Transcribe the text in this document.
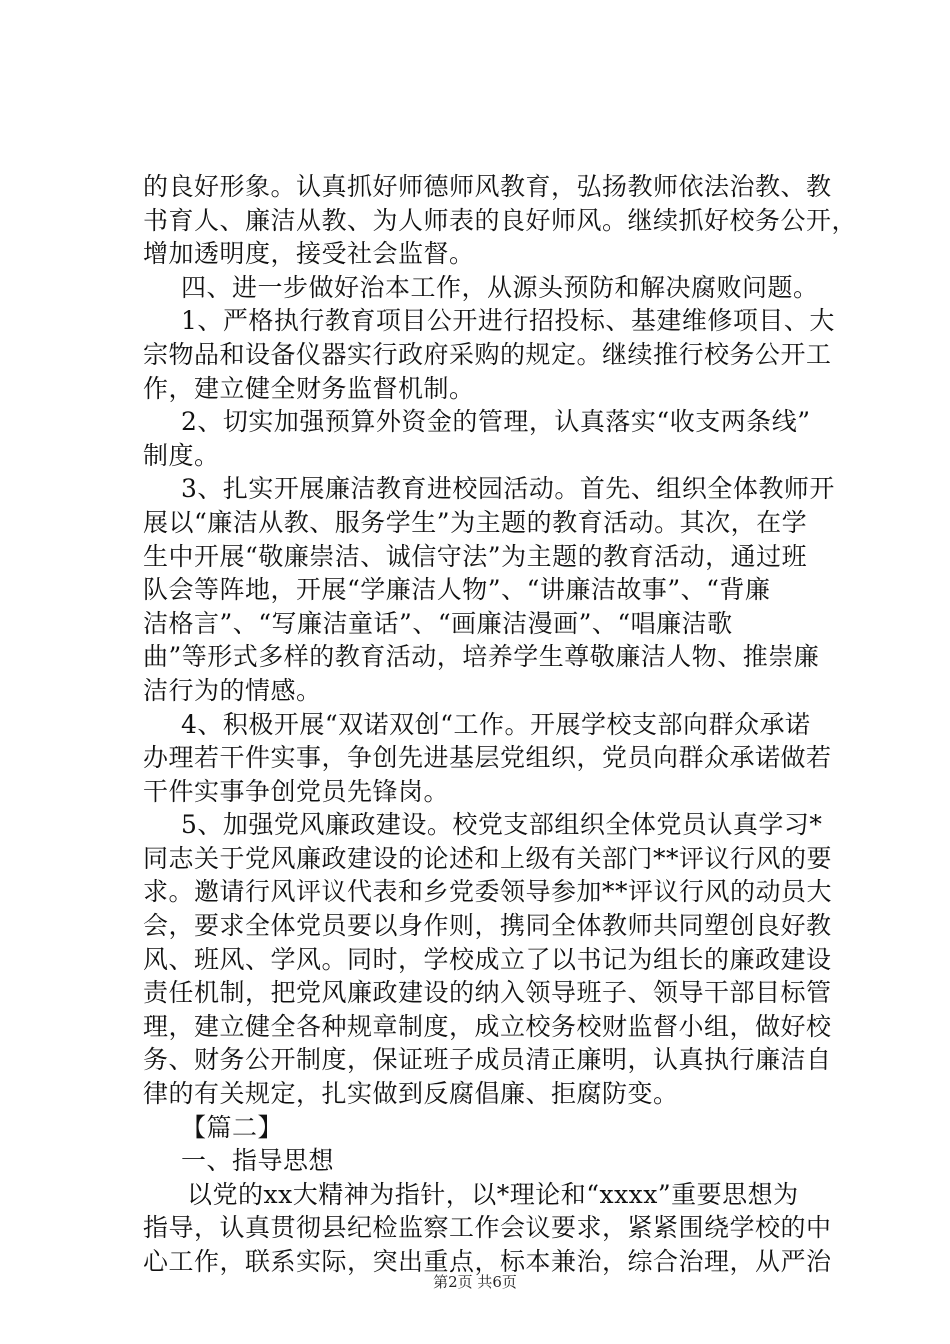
的良好形象。认真抓好师德师风教育，弘扬教师依法治教、教
书育人、廉洁从教、为人师表的良好师风。继续抓好校务公开，
增加透明度，接受社会监督。
四、进一步做好治本工作，从源头预防和解决腐败问题。
1、严格执行教育项目公开进行招投标、基建维修项目、大
宗物品和设备仪器实行政府采购的规定。继续推行校务公开工
作，建立健全财务监督机制。
2、切实加强预算外资金的管理，认真落实“收支两条线”
制度。
3、扎实开展廉洁教育进校园活动。首先、组织全体教师开
展以“廉洁从教、服务学生”为主题的教育活动。其次，在学
生中开展“敬廉崇洁、诚信守法”为主题的教育活动，通过班
队会等阵地，开展“学廉洁人物”、“讲廉洁故事”、“背廉
洁格言”、“写廉洁童话”、“画廉洁漫画”、“唱廉洁歌
曲”等形式多样的教育活动，培养学生尊敬廉洁人物、推崇廉
洁行为的情感。
4、积极开展“双诺双创“工作。开展学校支部向群众承诺
办理若干件实事，争创先进基层党组织，党员向群众承诺做若
干件实事争创党员先锋岗。
5、加强党风廉政建设。校党支部组织全体党员认真学习*
同志关于党风廉政建设的论述和上级有关部门**评议行风的要
求。邀请行风评议代表和乡党委领导参加**评议行风的动员大
会，要求全体党员要以身作则，携同全体教师共同塑创良好教
风、班风、学风。同时，学校成立了以书记为组长的廉政建设
责任机制，把党风廉政建设的纳入领导班子、领导干部目标管
理，建立健全各种规章制度，成立校务校财监督小组，做好校
务、财务公开制度，保证班子成员清正廉明，认真执行廉洁自
律的有关规定，扎实做到反腐倡廉、拒腐防变。
【篇二】
一、指导思想
以党的xx大精神为指针，以*理论和“xxxx”重要思想为
指导，认真贯彻县纪检监察工作会议要求，紧紧围绕学校的中
心工作，联系实际，突出重点，标本兼治，综合治理，从严治
第2页 共6页
